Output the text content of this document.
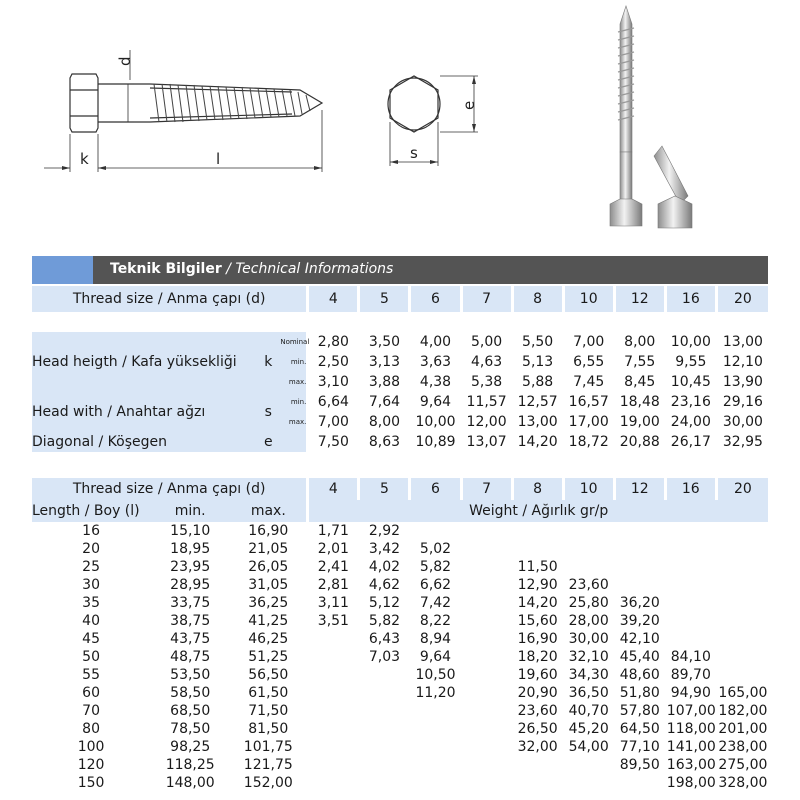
d
k	l
e
s
Teknik Bilgiler / Technical Informations
Thread size / Anma çapı (d)			4	5	6	7	8	10	12	16	20

Head heigth / Kafa yüksekliği	k	Nominal	2,80	3,50	4,00	5,00	5,50	7,00	8,00	10,00	13,00
		min.	2,50	3,13	3,63	4,63	5,13	6,55	7,55	9,55	12,10
		max.	3,10	3,88	4,38	5,38	5,88	7,45	8,45	10,45	13,90
Head with / Anahtar ağzı	s	min.	6,64	7,64	9,64	11,57	12,57	16,57	18,48	23,16	29,16
		max.	7,00	8,00	10,00	12,00	13,00	17,00	19,00	24,00	30,00
Diagonal / Köşegen	e		7,50	8,63	10,89	13,07	14,20	18,72	20,88	26,17	32,95
Thread size / Anma çapı (d)			4	5	6	7	8	10	12	16	20
Length / Boy (l)	min.	max.	Weight / Ağırlık gr/p								
16	15,10	16,90	1,71	2,92							
20	18,95	21,05	2,01	3,42	5,02						
25	23,95	26,05	2,41	4,02	5,82		11,50				
30	28,95	31,05	2,81	4,62	6,62		12,90	23,60			
35	33,75	36,25	3,11	5,12	7,42		14,20	25,80	36,20		
40	38,75	41,25	3,51	5,82	8,22		15,60	28,00	39,20		
45	43,75	46,25		6,43	8,94		16,90	30,00	42,10		
50	48,75	51,25		7,03	9,64		18,20	32,10	45,40	84,10	
55	53,50	56,50			10,50		19,60	34,30	48,60	89,70	
60	58,50	61,50			11,20		20,90	36,50	51,80	94,90	165,00
70	68,50	71,50					23,60	40,70	57,80	107,00	182,00
80	78,50	81,50					26,50	45,20	64,50	118,00	201,00
100	98,25	101,75					32,00	54,00	77,10	141,00	238,00
120	118,25	121,75							89,50	163,00	275,00
150	148,00	152,00								198,00	328,00
